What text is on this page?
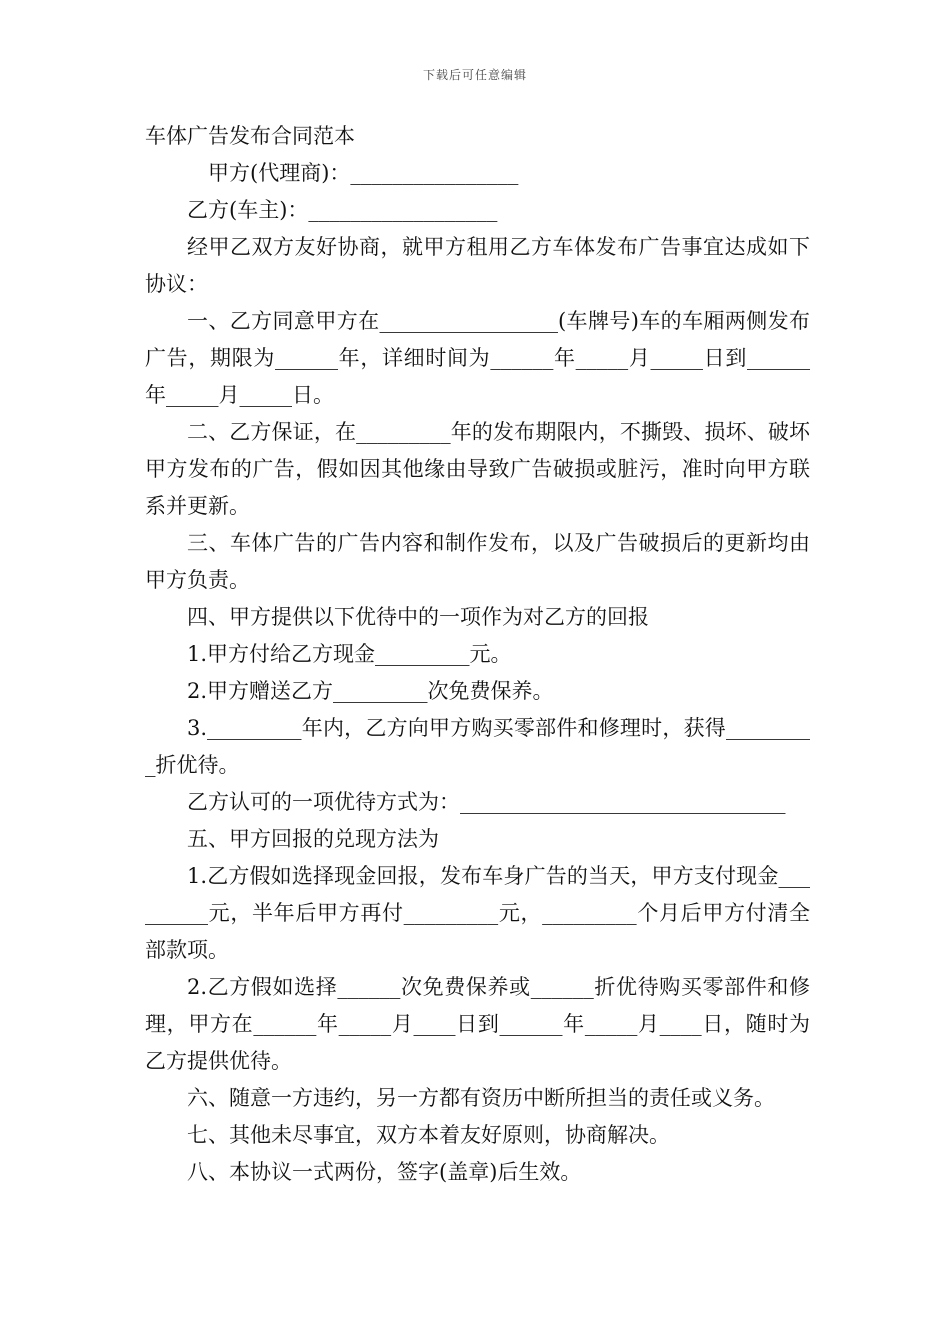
下载后可任意编辑
车体广告发布合同范本

甲方(代理商)：________________

乙方(车主)：__________________

经甲乙双方友好协商，就甲方租用乙方车体发布广告事宜达成如下协议：

一、乙方同意甲方在_________________(车牌号)车的车厢两侧发布广告，期限为______年，详细时间为______年_____月_____日到______年_____月_____日。

二、乙方保证，在_________年的发布期限内，不撕毁、损坏、破坏甲方发布的广告，假如因其他缘由导致广告破损或脏污，准时向甲方联系并更新。

三、车体广告的广告内容和制作发布，以及广告破损后的更新均由甲方负责。

四、甲方提供以下优待中的一项作为对乙方的回报

1.甲方付给乙方现金_________元。

2.甲方赠送乙方_________次免费保养。

3._________年内，乙方向甲方购买零部件和修理时，获得_________折优待。

乙方认可的一项优待方式为：_______________________________

五、甲方回报的兑现方法为

1.乙方假如选择现金回报，发布车身广告的当天，甲方支付现金_________元，半年后甲方再付_________元，_________个月后甲方付清全部款项。

2.乙方假如选择______次免费保养或______折优待购买零部件和修理，甲方在______年_____月____日到______年_____月____日，随时为乙方提供优待。

六、随意一方违约，另一方都有资历中断所担当的责任或义务。

七、其他未尽事宜，双方本着友好原则，协商解决。

八、本协议一式两份，签字(盖章)后生效。
